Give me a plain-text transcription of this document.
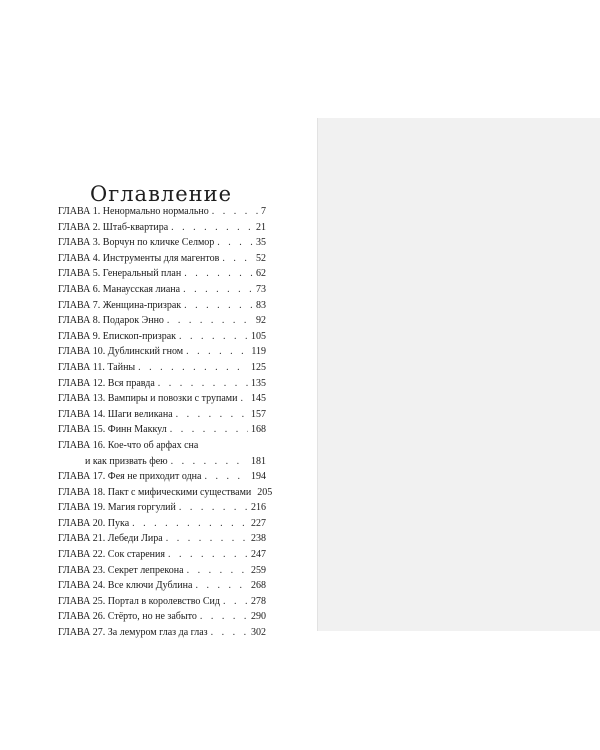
Оглавление
ГЛАВА 1. Ненормально нормально . . .	7
ГЛАВА 2. Штаб-квартира . . .	21
ГЛАВА 3. Ворчун по кличке Селмор . . .	35
ГЛАВА 4. Инструменты для магентов . . .	52
ГЛАВА 5. Генеральный план . . .	62
ГЛАВА 6. Манаусская лиана . . .	73
ГЛАВА 7. Женщина-призрак . . .	83
ГЛАВА 8. Подарок Энно . . .	92
ГЛАВА 9. Епископ-призрак . . .	105
ГЛАВА 10. Дублинский гном . . .	119
ГЛАВА 11. Тайны . . .	125
ГЛАВА 12. Вся правда . . .	135
ГЛАВА 13. Вампиры и повозки с трупами . . . 145
ГЛАВА 14. Шаги великана . . .	157
ГЛАВА 15. Финн Маккул . . .	168
ГЛАВА 16. Кое-что об арфах сна
и как призвать фею . . .	181
ГЛАВА 17. Фея не приходит одна . . .	194
ГЛАВА 18. Пакт с мифическими существами 205
ГЛАВА 19. Магия горгулий . . .	216
ГЛАВА 20. Пука . . .	227
ГЛАВА 21. Лебеди Лира . . .	238
ГЛАВА 22. Сок старения . . .	247
ГЛАВА 23. Секрет лепрекона . . .	259
ГЛАВА 24. Все ключи Дублина . . .	268
ГЛАВА 25. Портал в королевство Сид . . .	278
ГЛАВА 26. Стёрто, но не забыто . . .	290
ГЛАВА 27. За лемуром глаз да глаз . . .	302
